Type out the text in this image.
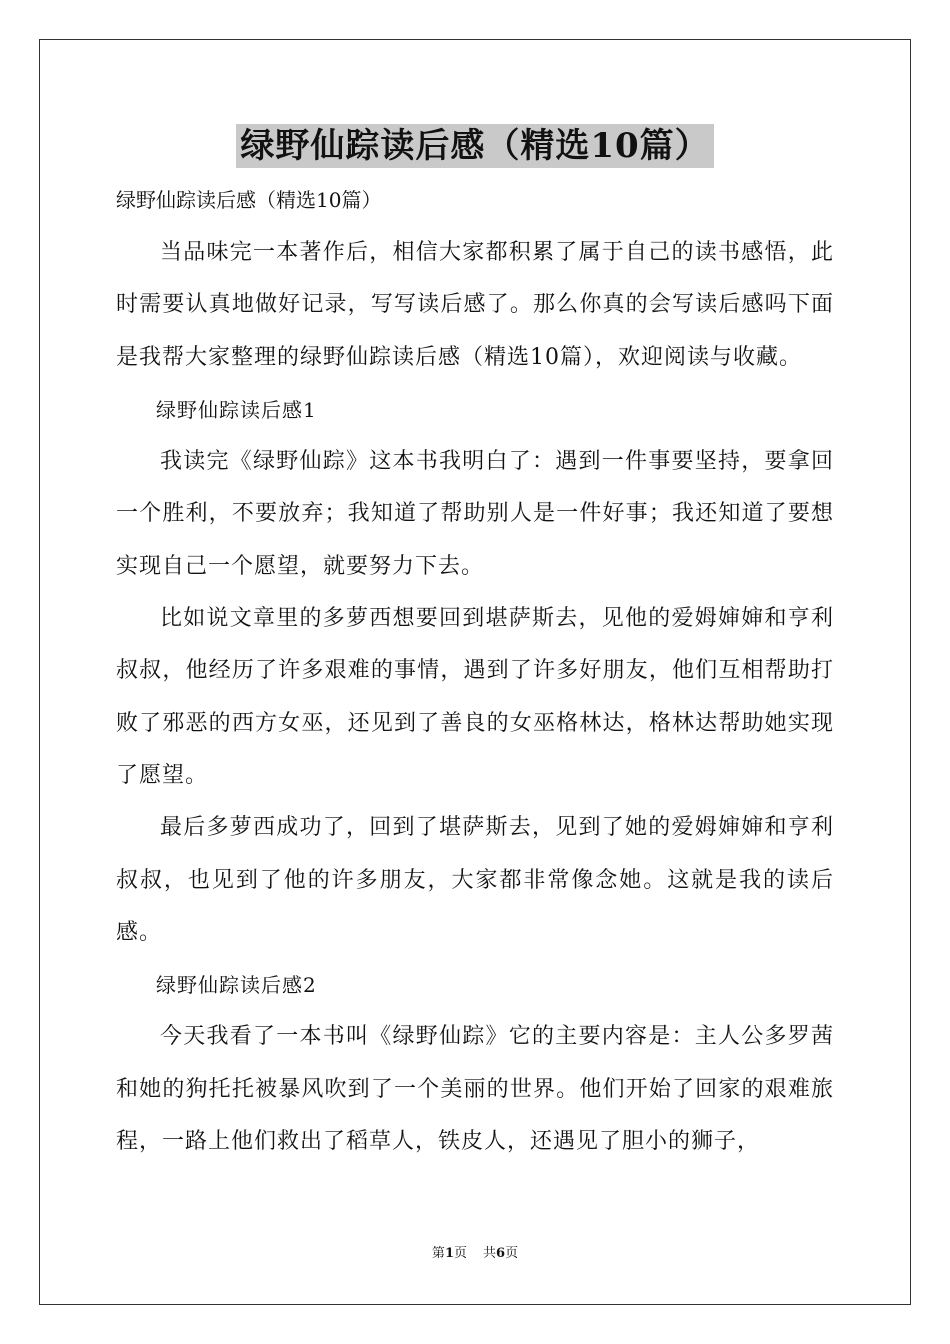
绿野仙踪读后感（精选10篇）
绿野仙踪读后感（精选10篇）

当品味完一本著作后，相信大家都积累了属于自己的读书感悟，此时需要认真地做好记录，写写读后感了。那么你真的会写读后感吗下面是我帮大家整理的绿野仙踪读后感（精选10篇），欢迎阅读与收藏。

绿野仙踪读后感1

我读完《绿野仙踪》这本书我明白了：遇到一件事要坚持，要拿回一个胜利，不要放弃；我知道了帮助别人是一件好事；我还知道了要想实现自己一个愿望，就要努力下去。

比如说文章里的多萝西想要回到堪萨斯去，见他的爱姆婶婶和亨利叔叔，他经历了许多艰难的事情，遇到了许多好朋友，他们互相帮助打败了邪恶的西方女巫，还见到了善良的女巫格林达，格林达帮助她实现了愿望。

最后多萝西成功了，回到了堪萨斯去，见到了她的爱姆婶婶和亨利叔叔，也见到了他的许多朋友，大家都非常像念她。这就是我的读后感。

绿野仙踪读后感2

今天我看了一本书叫《绿野仙踪》它的主要内容是：主人公多罗茜和她的狗托托被暴风吹到了一个美丽的世界。他们开始了回家的艰难旅程，一路上他们救出了稻草人，铁皮人，还遇见了胆小的狮子，

第1页 共6页
